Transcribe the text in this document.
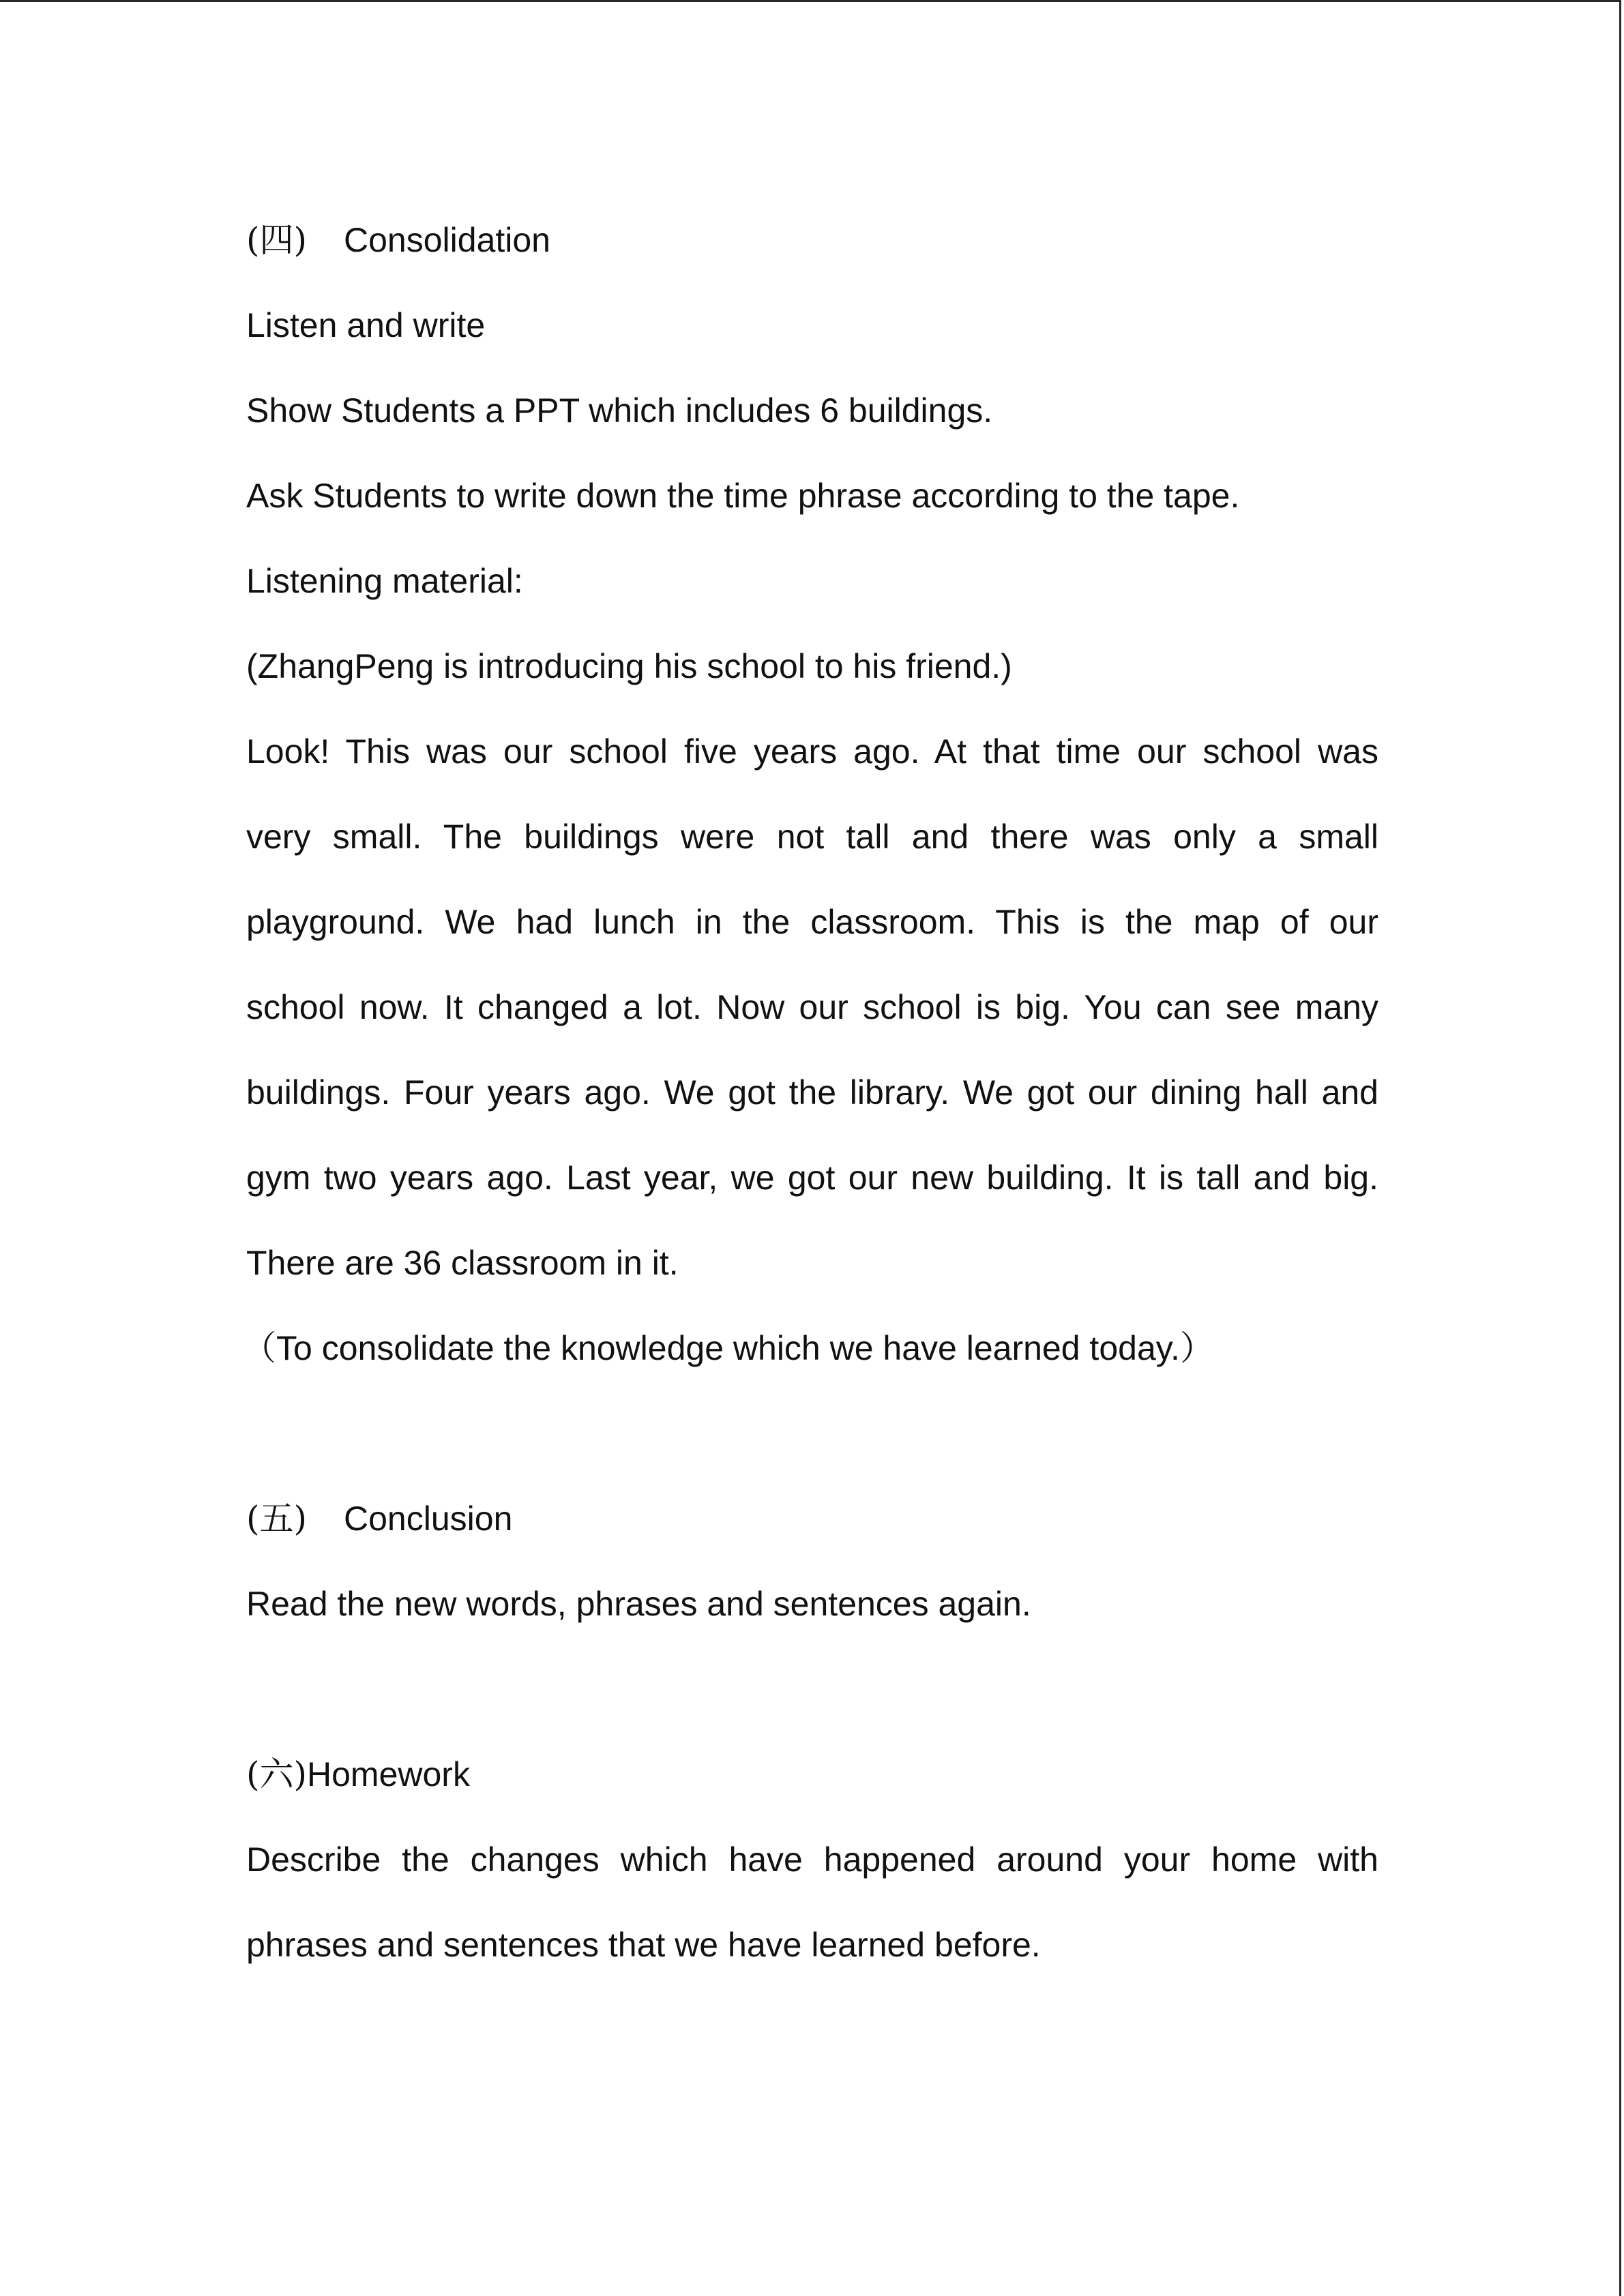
(四) Consolidation
Listen and write
Show Students a PPT which includes 6 buildings.
Ask Students to write down the time phrase according to the tape.
Listening material:
(ZhangPeng is introducing his school to his friend.)
Look! This was our school five years ago. At that time our school was
very small. The buildings were not tall and there was only a small
playground. We had lunch in the classroom. This is the map of our
school now. It changed a lot. Now our school is big. You can see many
buildings. Four years ago. We got the library. We got our dining hall and
gym two years ago. Last year, we got our new building. It is tall and big.
There are 36 classroom in it.
（To consolidate the knowledge which we have learned today.）
(五) Conclusion
Read the new words, phrases and sentences again.
(六)Homework
Describe the changes which have happened around your home with
phrases and sentences that we have learned before.
